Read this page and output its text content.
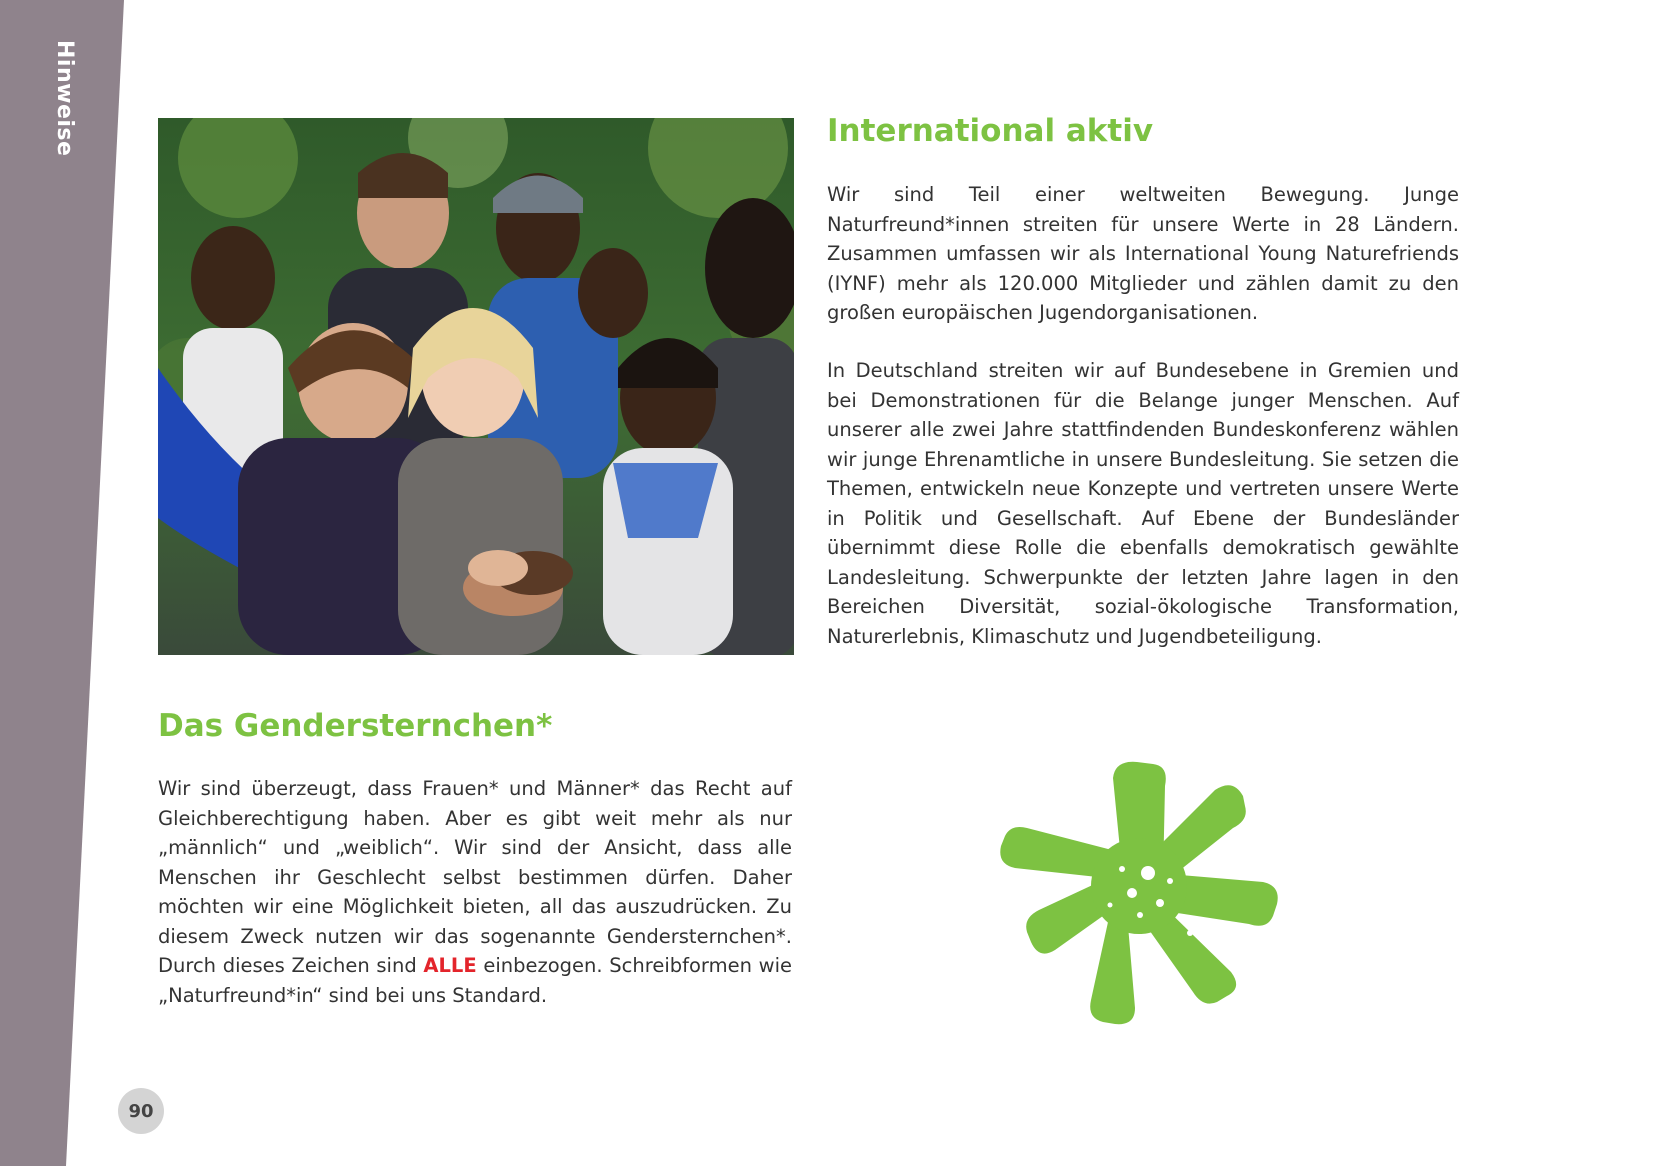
Hinweise	International aktiv

Wir sind Teil einer weltweiten Bewegung. Junge Naturfreund*innen streiten für unsere Werte in 28 Ländern. Zusammen umfassen wir als International Young Naturefriends (IYNF) mehr als 120.000 Mitglieder und zählen damit zu den großen europäischen Jugendorganisationen.

In Deutschland streiten wir auf Bundesebene in Gremien und bei Demonstrationen für die Belange junger Menschen. Auf unserer alle zwei Jahre stattfindenden Bundeskonferenz wählen wir junge Ehrenamtliche in unsere Bundesleitung. Sie setzen die Themen, entwickeln neue Konzepte und vertreten unsere Werte in Politik und Gesellschaft. Auf Ebene der Bundesländer übernimmt diese Rolle die ebenfalls demokratisch gewählte Landesleitung. Schwerpunkte der letzten Jahre lagen in den Bereichen Diversität, sozial-ökologische Transformation, Naturerlebnis, Klimaschutz und Jugendbeteiligung.

Das Gendersternchen*

Wir sind überzeugt, dass Frauen* und Männer* das Recht auf Gleichberechtigung haben. Aber es gibt weit mehr als nur „männlich“ und „weiblich“. Wir sind der Ansicht, dass alle Menschen ihr Geschlecht selbst bestimmen dürfen. Daher möchten wir eine Möglichkeit bieten, all das auszudrücken. Zu diesem Zweck nutzen wir das sogenannte Gendersternchen*. Durch dieses Zeichen sind ALLE einbezogen. Schreibformen wie „Naturfreund*in“ sind bei uns Standard.

90
